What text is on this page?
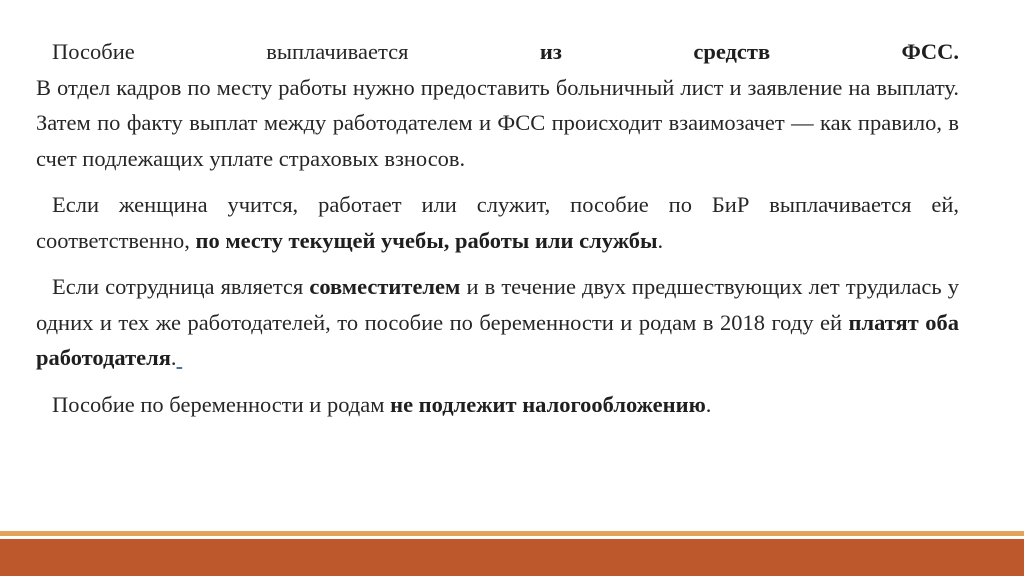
Пособие выплачивается из средств ФСС.
В отдел кадров по месту работы нужно предоставить больничный лист и заявление на выплату. Затем по факту выплат между работодателем и ФСС происходит взаимозачет — как правило, в счет подлежащих уплате страховых взносов.

Если женщина учится, работает или служит, пособие по БиР выплачивается ей, соответственно, по месту текущей учебы, работы или службы.

Если сотрудница является совместителем и в течение двух предшествующих лет трудилась у одних и тех же работодателей, то пособие по беременности и родам в 2018 году ей платят оба работодателя.

Пособие по беременности и родам не подлежит налогообложению.
